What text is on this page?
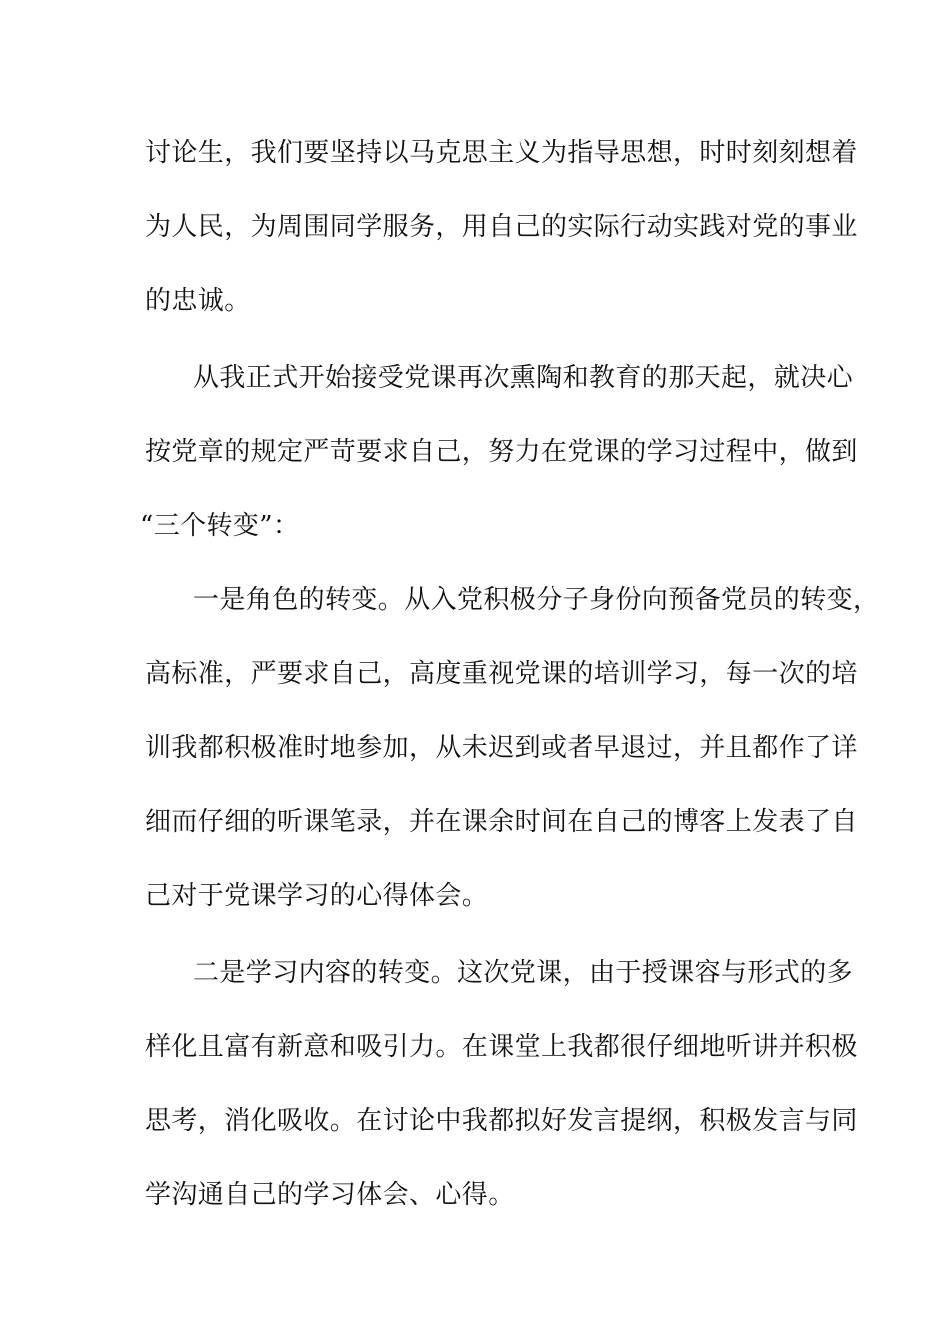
讨论生，我们要坚持以马克思主义为指导思想，时时刻刻想着
为人民，为周围同学服务，用自己的实际行动实践对党的事业
的忠诚。
从我正式开始接受党课再次熏陶和教育的那天起，就决心
按党章的规定严苛要求自己，努力在党课的学习过程中，做到
“三个转变”：
一是角色的转变。从入党积极分子身份向预备党员的转变，
高标准，严要求自己，高度重视党课的培训学习，每一次的培
训我都积极准时地参加，从未迟到或者早退过，并且都作了详
细而仔细的听课笔录，并在课余时间在自己的博客上发表了自
己对于党课学习的心得体会。
二是学习内容的转变。这次党课，由于授课容与形式的多
样化且富有新意和吸引力。在课堂上我都很仔细地听讲并积极
思考，消化吸收。在讨论中我都拟好发言提纲，积极发言与同
学沟通自己的学习体会、心得。
